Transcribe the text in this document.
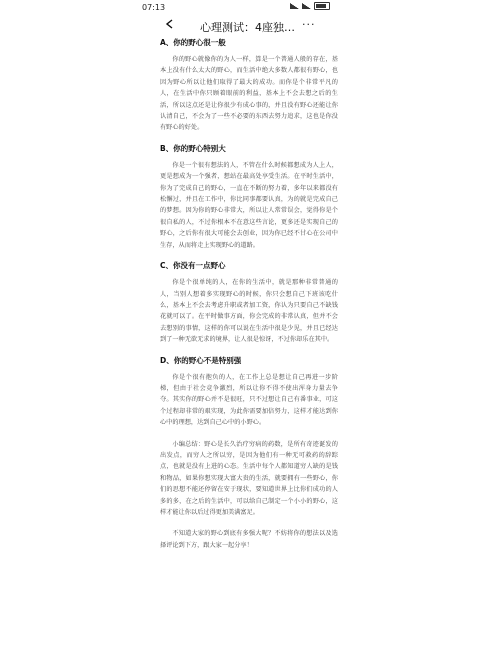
07:13
心理测试：4座独… ···
A、你的野心很一般

你的野心就像你的为人一样，算是一个普通人般的存在，基本上没有什么太大的野心，而生活中绝大多数人都很有野心，也因为野心所以让他们取得了最大的成功。而你是个非常平凡的人，在生活中你只顾着眼前的利益，基本上不会去想之后的生活，所以这点还是让你很少有成心事的，并且没有野心还能让你认清自己，不会为了一些不必要的东西去努力追求，这也是你没有野心的好处。

B、你的野心特别大

你是一个很有想法的人，不管在什么时候都想成为人上人，更是想成为一个强者，想站在最高处享受生活。在平时生活中，你为了完成自己的野心，一直在不断的努力着，多年以来都没有松懈过，并且在工作中，你比同事都要认真，为的就是完成自己的梦想。因为你的野心非常大，所以让人常常误会，觉得你是个很自私的人，不过你根本不在意这些言论，更多还是实现自己的野心，之后你有很大可能会去创业，因为你已经不甘心在公司中生存，从而将走上实现野心的道路。

C、你没有一点野心

你是个很单纯的人，在你的生活中，就是那种非常普通的人，当别人想着多实现野心的时候，你只会想自己下班该吃什么，基本上不会去考虑升职或者加工资，你认为只要自己不缺钱花就可以了。在平时做事方面，你会完成的非常认真，但并不会去想别的事情，这样的你可以说在生活中很是少见，并且已经达到了一种无欲无求的境界，让人很是惊讶，不过你却乐在其中。

D、你的野心不是特别强

你是个很有抱负的人，在工作上总是想让自己再进一步阶梯，但由于社会竞争激烈，所以让你不得不使出浑身力量去争夺。其实你的野心并不是很旺，只不过想让自己有番事业，可这个过程却非常的艰实现，为此你需要加倍努力，这样才能达到你心中的理想，达到自己心中的小野心。

小编总结：野心是长久治疗穷病的药数，是所有奇迹诞发的出发点，而穷人之所以穷，是因为他们有一种无可救药的辞踪点，也就是没有上进的心态。生活中每个人都知道穷人缺的是钱和物品，如果你想实现大富大贵的生活，就要拥有一些野心，你们的思想不能还停留在安于现状，要知道世界上比你们成功的人多的多，在之后的生活中，可以给自己制定一个小小的野心，这样才能让你以后过得更加美满富足。

不知道大家的野心到底有多强大呢？不妨将你的想法以及选择评论到下方，跟大家一起分享！
